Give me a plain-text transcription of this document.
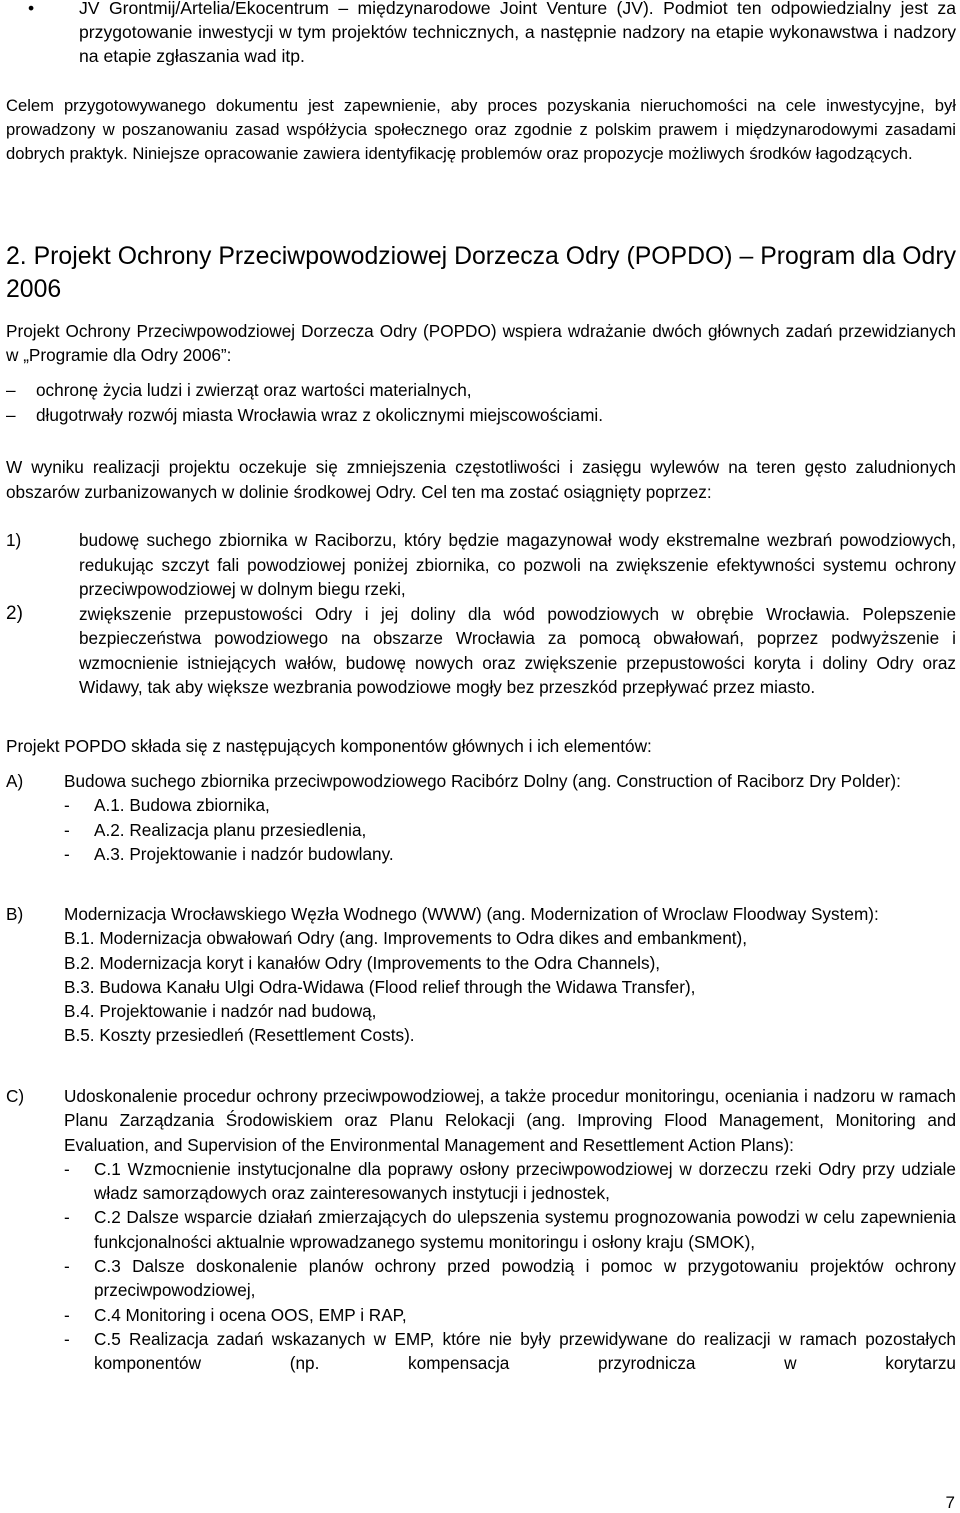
•	JV Grontmij/Artelia/Ekocentrum – międzynarodowe Joint Venture (JV). Podmiot ten odpowiedzialny jest za przygotowanie inwestycji w tym projektów technicznych, a następnie nadzory na etapie wykonawstwa i nadzory na etapie zgłaszania wad itp.

Celem przygotowywanego dokumentu jest zapewnienie, aby proces pozyskania nieruchomości na cele inwestycyjne, był prowadzony w poszanowaniu zasad współżycia społecznego oraz zgodnie z polskim prawem i międzynarodowymi zasadami dobrych praktyk. Niniejsze opracowanie zawiera identyfikację problemów oraz propozycje możliwych środków łagodzących.

2. Projekt Ochrony Przeciwpowodziowej Dorzecza Odry (POPDO) – Program dla Odry 2006

Projekt Ochrony Przeciwpowodziowej Dorzecza Odry (POPDO) wspiera wdrażanie dwóch głównych zadań przewidzianych w „Programie dla Odry 2006”:

– ochronę życia ludzi i zwierząt oraz wartości materialnych,
– długotrwały rozwój miasta Wrocławia wraz z okolicznymi miejscowościami.

W wyniku realizacji projektu oczekuje się zmniejszenia częstotliwości i zasięgu wylewów na teren gęsto zaludnionych obszarów zurbanizowanych w dolinie środkowej Odry. Cel ten ma zostać osiągnięty poprzez:

1)	budowę suchego zbiornika w Raciborzu, który będzie magazynował wody ekstremalne wezbrań powodziowych, redukując szczyt fali powodziowej poniżej zbiornika, co pozwoli na zwiększenie efektywności systemu ochrony przeciwpowodziowej w dolnym biegu rzeki,

2)	zwiększenie przepustowości Odry i jej doliny dla wód powodziowych w obrębie Wrocławia. Polepszenie bezpieczeństwa powodziowego na obszarze Wrocławia za pomocą obwałowań, poprzez podwyższenie i wzmocnienie istniejących wałów, budowę nowych oraz zwiększenie przepustowości koryta i doliny Odry oraz Widawy, tak aby większe wezbrania powodziowe mogły bez przeszkód przepływać przez miasto.

Projekt POPDO składa się z następujących komponentów głównych i ich elementów:

A) Budowa suchego zbiornika przeciwpowodziowego Racibórz Dolny (ang. Construction of Raciborz Dry Polder):

- A.1. Budowa zbiornika,
- A.2. Realizacja planu przesiedlenia,
- A.3. Projektowanie i nadzór budowlany.
B) Modernizacja Wrocławskiego Węzła Wodnego (WWW) (ang. Modernization of Wroclaw Floodway System):

B.1. Modernizacja obwałowań Odry (ang. Improvements to Odra dikes and embankment),
B.2. Modernizacja koryt i kanałów Odry (Improvements to the Odra Channels),
B.3. Budowa Kanału Ulgi Odra-Widawa (Flood relief through the Widawa Transfer),
B.4. Projektowanie i nadzór nad budową,
B.5. Koszty przesiedleń (Resettlement Costs).
C) Udoskonalenie procedur ochrony przeciwpowodziowej, a także procedur monitoringu, oceniania i nadzoru w ramach Planu Zarządzania Środowiskiem oraz Planu Relokacji (ang. Improving Flood Management, Monitoring and Evaluation, and Supervision of the Environmental Management and Resettlement Action Plans):

- C.1 Wzmocnienie instytucjonalne dla poprawy osłony przeciwpowodziowej w dorzeczu rzeki Odry przy udziale władz samorządowych oraz zainteresowanych instytucji i jednostek,

- C.2 Dalsze wsparcie działań zmierzających do ulepszenia systemu prognozowania powodzi w celu zapewnienia funkcjonalności aktualnie wprowadzanego systemu monitoringu i osłony kraju (SMOK),

- C.3 Dalsze doskonalenie planów ochrony przed powodzią i pomoc w przygotowaniu projektów ochrony przeciwpowodziowej,

- C.4 Monitoring i ocena OOS, EMP i RAP,

- C.5 Realizacja zadań wskazanych w EMP, które nie były przewidywane do realizacji w ramach pozostałych komponentów (np. kompensacja przyrodnicza w korytarzu

7
